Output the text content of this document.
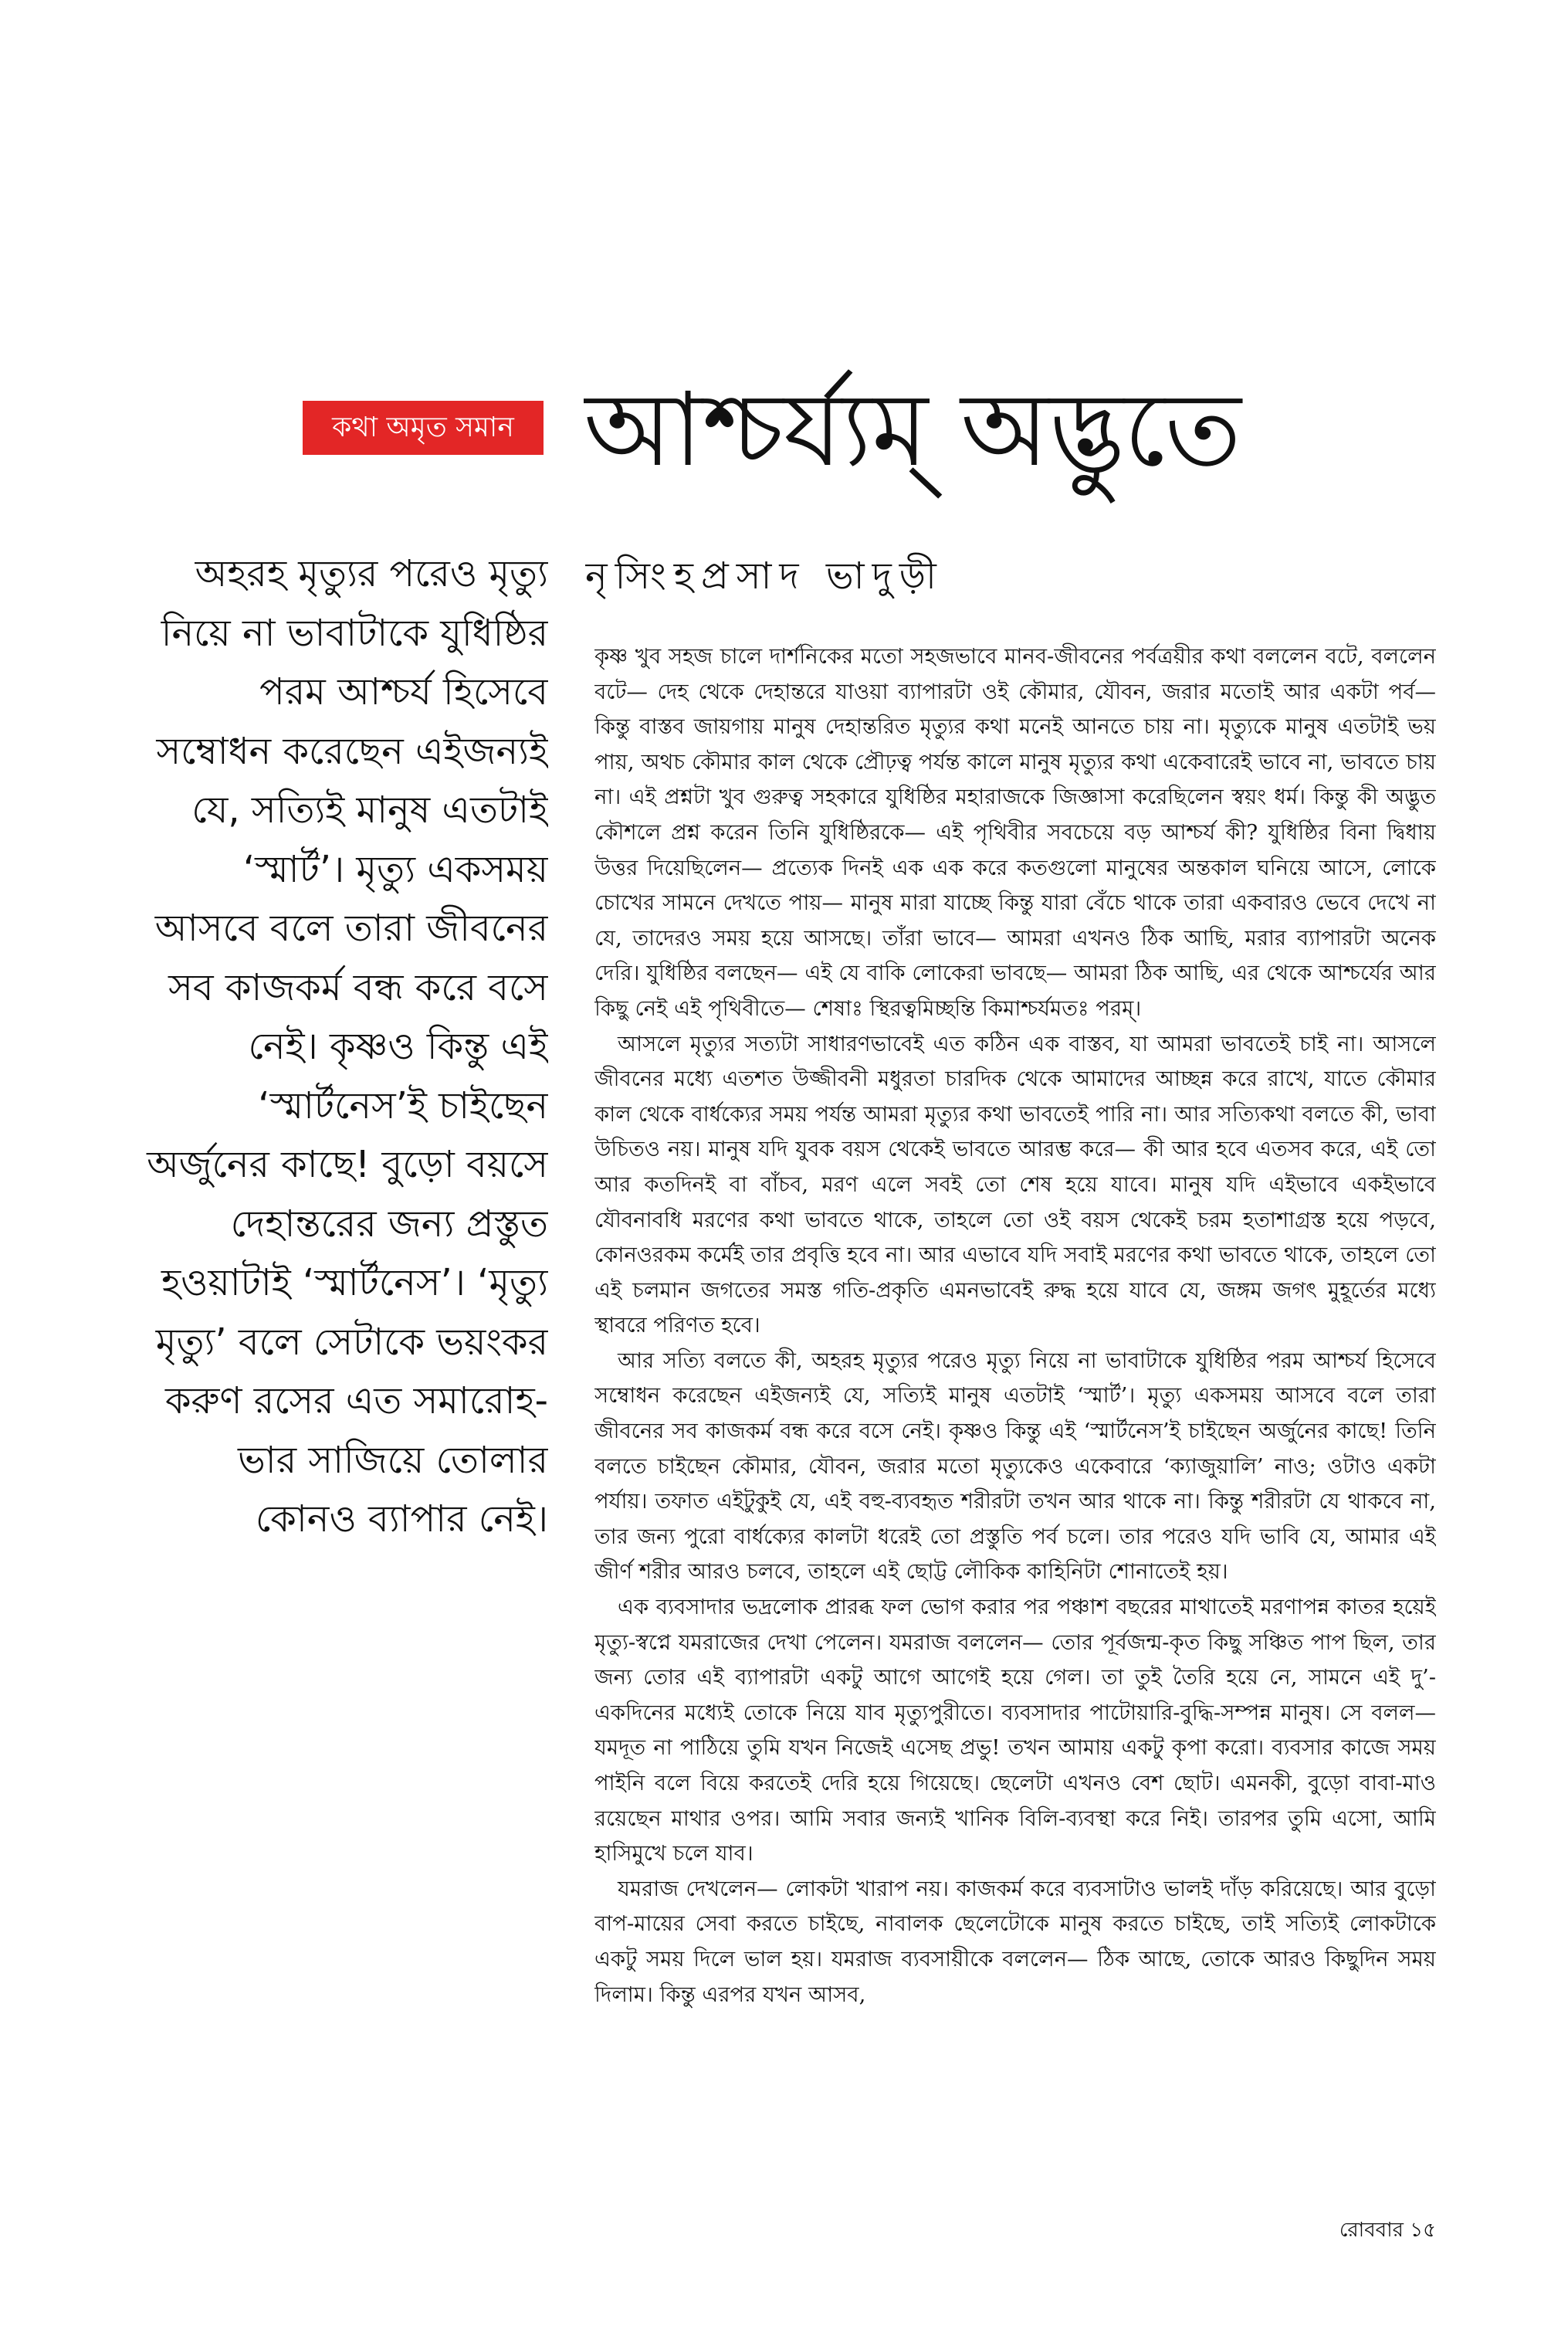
কথা অমৃত সমান আশ্চর্য্যম্ অদ্ভুতে
নৃসিংহপ্রসাদ ভাদুড়ী
অহরহ মৃত্যুর পরেও মৃত্যু নিয়ে না ভাবাটাকে যুধিষ্ঠির পরম আশ্চর্য হিসেবে সম্বোধন করেছেন এইজন্যই যে, সত্যিই মানুষ এতটাই ‘স্মার্ট’। মৃত্যু একসময় আসবে বলে তারা জীবনের সব কাজকর্ম বন্ধ করে বসে নেই। কৃষ্ণও কিন্তু এই ‘স্মার্টনেস’ই চাইছেন অর্জুনের কাছে! বুড়ো বয়সে দেহান্তরের জন্য প্রস্তুত হওয়াটাই ‘স্মার্টনেস’। ‘মৃত্যু মৃত্যু’ বলে সেটাকে ভয়ংকর করুণ রসের এত সমারোহ-ভার সাজিয়ে তোলার কোনও ব্যাপার নেই।

কৃষ্ণ খুব সহজ চালে দার্শনিকের মতো সহজভাবে মানব-জীবনের পর্বত্রয়ীর কথা বললেন বটে, বললেন বটে— দেহ থেকে দেহান্তরে যাওয়া ব্যাপারটা ওই কৌমার, যৌবন, জরার মতোই আর একটা পর্ব— কিন্তু বাস্তব জায়গায় মানুষ দেহান্তরিত মৃত্যুর কথা মনেই আনতে চায় না। মৃত্যুকে মানুষ এতটাই ভয় পায়, অথচ কৌমার কাল থেকে প্রৌঢ়ত্ব পর্যন্ত কালে মানুষ মৃত্যুর কথা একেবারেই ভাবে না, ভাবতে চায় না। এই প্রশ্নটা খুব গুরুত্ব সহকারে যুধিষ্ঠির মহারাজকে জিজ্ঞাসা করেছিলেন স্বয়ং ধর্ম। কিন্তু কী অদ্ভুত কৌশলে প্রশ্ন করেন তিনি যুধিষ্ঠিরকে— এই পৃথিবীর সবচেয়ে বড় আশ্চর্য কী? যুধিষ্ঠির বিনা দ্বিধায় উত্তর দিয়েছিলেন— প্রত্যেক দিনই এক এক করে কতগুলো মানুষের অন্তকাল ঘনিয়ে আসে, লোকে চোখের সামনে দেখতে পায়— মানুষ মারা যাচ্ছে কিন্তু যারা বেঁচে থাকে তারা একবারও ভেবে দেখে না যে, তাদেরও সময় হয়ে আসছে। তাঁরা ভাবে— আমরা এখনও ঠিক আছি, মরার ব্যাপারটা অনেক দেরি। যুধিষ্ঠির বলছেন— এই যে বাকি লোকেরা ভাবছে— আমরা ঠিক আছি, এর থেকে আশ্চর্যের আর কিছু নেই এই পৃথিবীতে— শেষাঃ স্থিরত্বমিচ্ছন্তি কিমাশ্চর্যমতঃ পরম্।

আসলে মৃত্যুর সত্যটা সাধারণভাবেই এত কঠিন এক বাস্তব, যা আমরা ভাবতেই চাই না। আসলে জীবনের মধ্যে এতশত উজ্জীবনী মধুরতা চারদিক থেকে আমাদের আচ্ছন্ন করে রাখে, যাতে কৌমার কাল থেকে বার্ধক্যের সময় পর্যন্ত আমরা মৃত্যুর কথা ভাবতেই পারি না। আর সত্যিকথা বলতে কী, ভাবা উচিতও নয়। মানুষ যদি যুবক বয়স থেকেই ভাবতে আরম্ভ করে— কী আর হবে এতসব করে, এই তো আর কতদিনই বা বাঁচব, মরণ এলে সবই তো শেষ হয়ে যাবে। মানুষ যদি এইভাবে একইভাবে যৌবনাবধি মরণের কথা ভাবতে থাকে, তাহলে তো ওই বয়স থেকেই চরম হতাশাগ্রস্ত হয়ে পড়বে, কোনওরকম কর্মেই তার প্রবৃত্তি হবে না। আর এভাবে যদি সবাই মরণের কথা ভাবতে থাকে, তাহলে তো এই চলমান জগতের সমস্ত গতি-প্রকৃতি এমনভাবেই রুদ্ধ হয়ে যাবে যে, জঙ্গম জগৎ মুহূর্তের মধ্যে স্থাবরে পরিণত হবে।

আর সত্যি বলতে কী, অহরহ মৃত্যুর পরেও মৃত্যু নিয়ে না ভাবাটাকে যুধিষ্ঠির পরম আশ্চর্য হিসেবে সম্বোধন করেছেন এইজন্যই যে, সত্যিই মানুষ এতটাই ‘স্মার্ট’। মৃত্যু একসময় আসবে বলে তারা জীবনের সব কাজকর্ম বন্ধ করে বসে নেই। কৃষ্ণও কিন্তু এই ‘স্মার্টনেস’ই চাইছেন অর্জুনের কাছে! তিনি বলতে চাইছেন কৌমার, যৌবন, জরার মতো মৃত্যুকেও একেবারে ‘ক্যাজুয়ালি’ নাও; ওটাও একটা পর্যায়। তফাত এইটুকুই যে, এই বহু-ব্যবহৃত শরীরটা তখন আর থাকে না। কিন্তু শরীরটা যে থাকবে না, তার জন্য পুরো বার্ধক্যের কালটা ধরেই তো প্রস্তুতি পর্ব চলে। তার পরেও যদি ভাবি যে, আমার এই জীর্ণ শরীর আরও চলবে, তাহলে এই ছোট্ট লৌকিক কাহিনিটা শোনাতেই হয়।

এক ব্যবসাদার ভদ্রলোক প্রারব্ধ ফল ভোগ করার পর পঞ্চাশ বছরের মাথাতেই মরণাপন্ন কাতর হয়েই মৃত্যু-স্বপ্নে যমরাজের দেখা পেলেন। যমরাজ বললেন— তোর পূর্বজন্ম-কৃত কিছু সঞ্চিত পাপ ছিল, তার জন্য তোর এই ব্যাপারটা একটু আগে আগেই হয়ে গেল। তা তুই তৈরি হয়ে নে, সামনে এই দু’-একদিনের মধ্যেই তোকে নিয়ে যাব মৃত্যুপুরীতে। ব্যবসাদার পাটোয়ারি-বুদ্ধি-সম্পন্ন মানুষ। সে বলল— যমদূত না পাঠিয়ে তুমি যখন নিজেই এসেছ প্রভু! তখন আমায় একটু কৃপা করো। ব্যবসার কাজে সময় পাইনি বলে বিয়ে করতেই দেরি হয়ে গিয়েছে। ছেলেটা এখনও বেশ ছোট। এমনকী, বুড়ো বাবা-মাও রয়েছেন মাথার ওপর। আমি সবার জন্যই খানিক বিলি-ব্যবস্থা করে নিই। তারপর তুমি এসো, আমি হাসিমুখে চলে যাব।

যমরাজ দেখলেন— লোকটা খারাপ নয়। কাজকর্ম করে ব্যবসাটাও ভালই দাঁড় করিয়েছে। আর বুড়ো বাপ-মায়ের সেবা করতে চাইছে, নাবালক ছেলেটোকে মানুষ করতে চাইছে, তাই সত্যিই লোকটাকে একটু সময় দিলে ভাল হয়। যমরাজ ব্যবসায়ীকে বললেন— ঠিক আছে, তোকে আরও কিছুদিন সময় দিলাম। কিন্তু এরপর যখন আসব,

রোববার ১৫
